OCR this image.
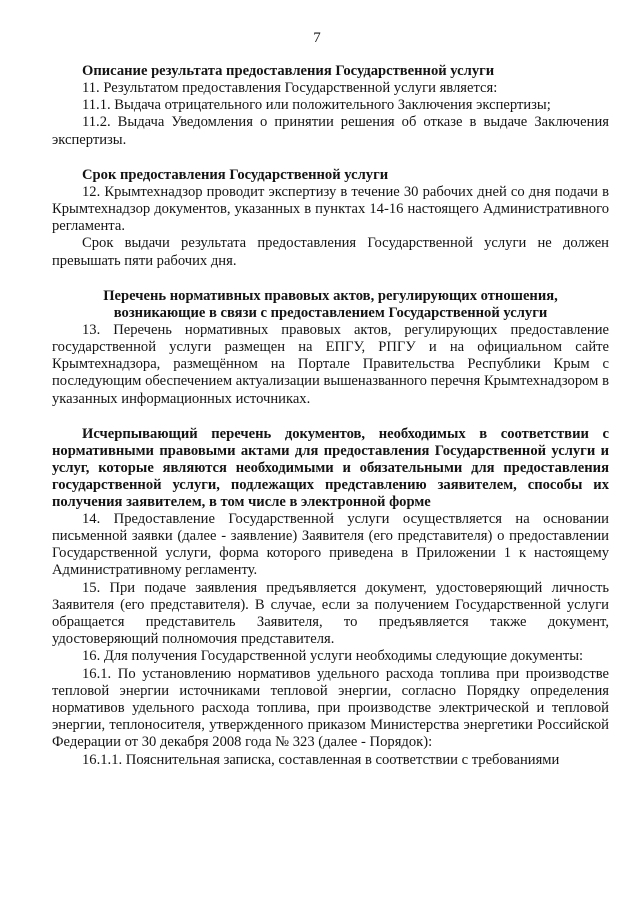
7

Описание результата предоставления Государственной услуги

11. Результатом предоставления Государственной услуги является:

11.1. Выдача отрицательного или положительного Заключения экспертизы;

11.2. Выдача Уведомления о принятии решения об отказе в выдаче Заключения экспертизы.

Срок предоставления Государственной услуги

12. Крымтехнадзор проводит экспертизу в течение 30 рабочих дней со дня подачи в Крымтехнадзор документов, указанных в пунктах 14-16 настоящего Административного регламента.

Срок выдачи результата предоставления Государственной услуги не должен превышать пяти рабочих дня.

Перечень нормативных правовых актов, регулирующих отношения,

возникающие в связи с предоставлением Государственной услуги

13. Перечень нормативных правовых актов, регулирующих предоставление государственной услуги размещен на ЕПГУ, РПГУ и на официальном сайте Крымтехнадзора, размещённом на Портале Правительства Республики Крым с последующим обеспечением актуализации вышеназванного перечня Крымтехнадзором в указанных информационных источниках.

Исчерпывающий перечень документов, необходимых в соответствии с нормативными правовыми актами для предоставления Государственной услуги и услуг, которые являются необходимыми и обязательными для предоставления государственной услуги, подлежащих представлению заявителем, способы их получения заявителем, в том числе в электронной форме

14. Предоставление Государственной услуги осуществляется на основании письменной заявки (далее - заявление) Заявителя (его представителя) о предоставлении Государственной услуги, форма которого приведена в Приложении 1 к настоящему Административному регламенту.

15. При подаче заявления предъявляется документ, удостоверяющий личность Заявителя (его представителя). В случае, если за получением Государственной услуги обращается представитель Заявителя, то предъявляется также документ, удостоверяющий полномочия представителя.

16. Для получения Государственной услуги необходимы следующие документы:

16.1. По установлению нормативов удельного расхода топлива при производстве тепловой энергии источниками тепловой энергии, согласно Порядку определения нормативов удельного расхода топлива, при производстве электрической и тепловой энергии, теплоносителя, утвержденного приказом Министерства энергетики Российской Федерации от 30 декабря 2008 года № 323 (далее - Порядок):

16.1.1. Пояснительная записка, составленная в соответствии с требованиями
